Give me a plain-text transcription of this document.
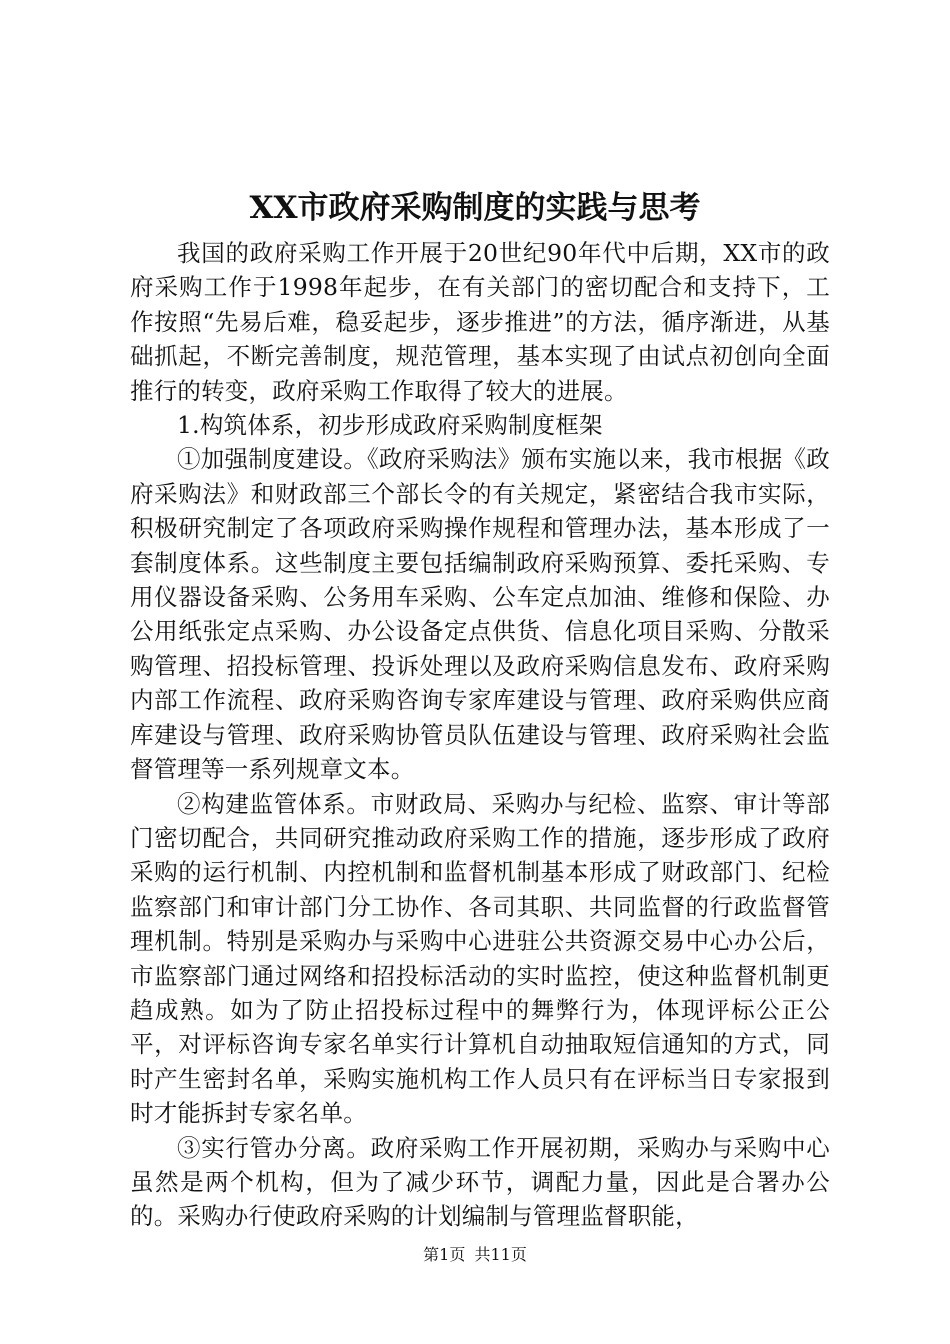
XX市政府采购制度的实践与思考

我国的政府采购工作开展于20世纪90年代中后期，XX市的政府采购工作于1998年起步，在有关部门的密切配合和支持下，工作按照“先易后难，稳妥起步，逐步推进”的方法，循序渐进，从基础抓起，不断完善制度，规范管理，基本实现了由试点初创向全面推行的转变，政府采购工作取得了较大的进展。

1.构筑体系，初步形成政府采购制度框架

①加强制度建设。《政府采购法》颁布实施以来，我市根据《政府采购法》和财政部三个部长令的有关规定，紧密结合我市实际，积极研究制定了各项政府采购操作规程和管理办法，基本形成了一套制度体系。这些制度主要包括编制政府采购预算、委托采购、专用仪器设备采购、公务用车采购、公车定点加油、维修和保险、办公用纸张定点采购、办公设备定点供货、信息化项目采购、分散采购管理、招投标管理、投诉处理以及政府采购信息发布、政府采购内部工作流程、政府采购咨询专家库建设与管理、政府采购供应商库建设与管理、政府采购协管员队伍建设与管理、政府采购社会监督管理等一系列规章文本。

②构建监管体系。市财政局、采购办与纪检、监察、审计等部门密切配合，共同研究推动政府采购工作的措施，逐步形成了政府采购的运行机制、内控机制和监督机制基本形成了财政部门、纪检监察部门和审计部门分工协作、各司其职、共同监督的行政监督管理机制。特别是采购办与采购中心进驻公共资源交易中心办公后，市监察部门通过网络和招投标活动的实时监控，使这种监督机制更趋成熟。如为了防止招投标过程中的舞弊行为，体现评标公正公平，对评标咨询专家名单实行计算机自动抽取短信通知的方式，同时产生密封名单，采购实施机构工作人员只有在评标当日专家报到时才能拆封专家名单。

③实行管办分离。政府采购工作开展初期，采购办与采购中心虽然是两个机构，但为了减少环节，调配力量，因此是合署办公的。采购办行使政府采购的计划编制与管理监督职能，

第1页 共11页
